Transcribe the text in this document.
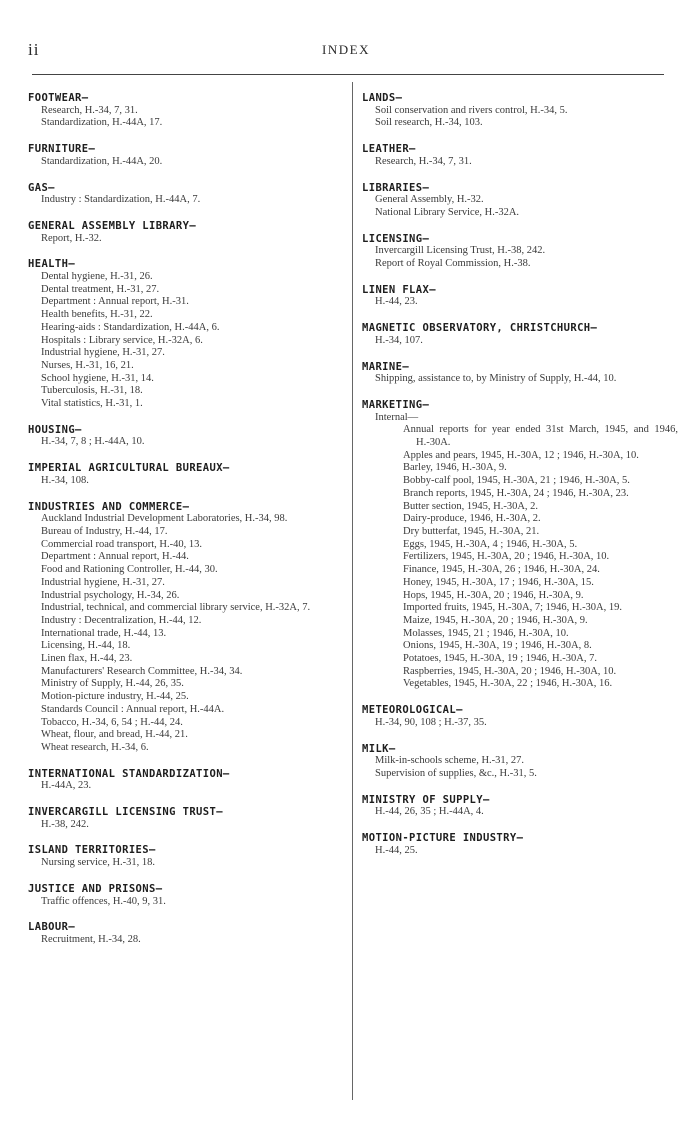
ii	INDEX
FOOTWEAR—
Research, H.-34, 7, 31.
Standardization, H.-44A, 17.
FURNITURE—
Standardization, H.-44A, 20.
GAS—
Industry : Standardization, H.-44A, 7.
GENERAL ASSEMBLY LIBRARY—
Report, H.-32.
HEALTH—
Dental hygiene, H.-31, 26.
Dental treatment, H.-31, 27.
Department : Annual report, H.-31.
Health benefits, H.-31, 22.
Hearing-aids : Standardization, H.-44A, 6.
Hospitals : Library service, H.-32A, 6.
Industrial hygiene, H.-31, 27.
Nurses, H.-31, 16, 21.
School hygiene, H.-31, 14.
Tuberculosis, H.-31, 18.
Vital statistics, H.-31, 1.
HOUSING—
H.-34, 7, 8 ; H.-44A, 10.
IMPERIAL AGRICULTURAL BUREAUX—
H.-34, 108.
INDUSTRIES AND COMMERCE—
Auckland Industrial Development Laboratories, H.-34, 98.
Bureau of Industry, H.-44, 17.
Commercial road transport, H.-40, 13.
Department : Annual report, H.-44.
Food and Rationing Controller, H.-44, 30.
Industrial hygiene, H.-31, 27.
Industrial psychology, H.-34, 26.
Industrial, technical, and commercial library service, H.-32A, 7.
Industry : Decentralization, H.-44, 12.
International trade, H.-44, 13.
Licensing, H.-44, 18.
Linen flax, H.-44, 23.
Manufacturers' Research Committee, H.-34, 34.
Ministry of Supply, H.-44, 26, 35.
Motion-picture industry, H.-44, 25.
Standards Council : Annual report, H.-44A.
Tobacco, H.-34, 6, 54 ; H.-44, 24.
Wheat, flour, and bread, H.-44, 21.
Wheat research, H.-34, 6.
INTERNATIONAL STANDARDIZATION—
H.-44A, 23.
INVERCARGILL LICENSING TRUST—
H.-38, 242.
ISLAND TERRITORIES—
Nursing service, H.-31, 18.
JUSTICE AND PRISONS—
Traffic offences, H.-40, 9, 31.
LABOUR—
Recruitment, H.-34, 28.
LANDS—
Soil conservation and rivers control, H.-34, 5.
Soil research, H.-34, 103.
LEATHER—
Research, H.-34, 7, 31.
LIBRARIES—
General Assembly, H.-32.
National Library Service, H.-32A.
LICENSING—
Invercargill Licensing Trust, H.-38, 242.
Report of Royal Commission, H.-38.
LINEN FLAX—
H.-44, 23.
MAGNETIC OBSERVATORY, CHRISTCHURCH—
H.-34, 107.
MARINE—
Shipping, assistance to, by Ministry of Supply, H.-44, 10.
MARKETING—
Internal—
Annual reports for year ended 31st March, 1945, and 1946, H.-30A.
Apples and pears, 1945, H.-30A, 12 ; 1946, H.-30A, 10.
Barley, 1946, H.-30A, 9.
Bobby-calf pool, 1945, H.-30A, 21 ; 1946, H.-30A, 5.
Branch reports, 1945, H.-30A, 24 ; 1946, H.-30A, 23.
Butter section, 1945, H.-30A, 2.
Dairy-produce, 1946, H.-30A, 2.
Dry butterfat, 1945, H.-30A, 21.
Eggs, 1945, H.-30A, 4 ; 1946, H.-30A, 5.
Fertilizers, 1945, H.-30A, 20 ; 1946, H.-30A, 10.
Finance, 1945, H.-30A, 26 ; 1946, H.-30A, 24.
Honey, 1945, H.-30A, 17 ; 1946, H.-30A, 15.
Hops, 1945, H.-30A, 20 ; 1946, H.-30A, 9.
Imported fruits, 1945, H.-30A, 7; 1946, H.-30A, 19.
Maize, 1945, H.-30A, 20 ; 1946, H.-30A, 9.
Molasses, 1945, 21 ; 1946, H.-30A, 10.
Onions, 1945, H.-30A, 19 ; 1946, H.-30A, 8.
Potatoes, 1945, H.-30A, 19 ; 1946, H.-30A, 7.
Raspberries, 1945, H.-30A, 20 ; 1946, H.-30A, 10.
Vegetables, 1945, H.-30A, 22 ; 1946, H.-30A, 16.
METEOROLOGICAL—
H.-34, 90, 108 ; H.-37, 35.
MILK—
Milk-in-schools scheme, H.-31, 27.
Supervision of supplies, &c., H.-31, 5.
MINISTRY OF SUPPLY—
H.-44, 26, 35 ; H.-44A, 4.
MOTION-PICTURE INDUSTRY—
H.-44, 25.
